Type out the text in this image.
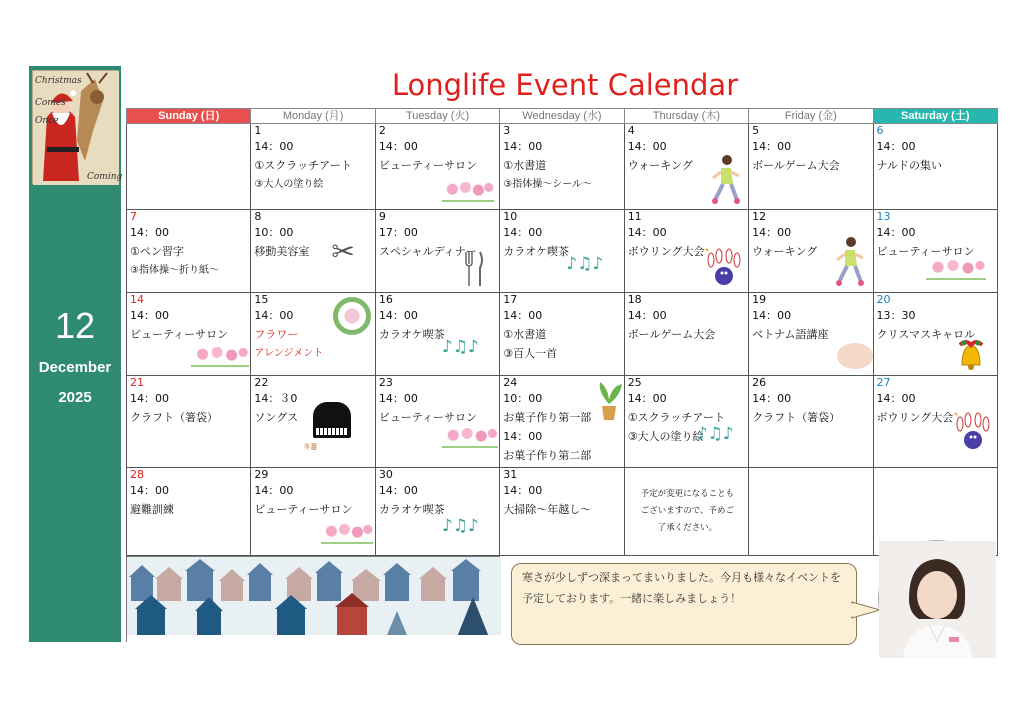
Christmas
Comes
Once
Coming
12
December
2025
Longlife Event Calendar
Sunday (日)	Monday (月)	Tuesday (火)	Wednesday (水)	Thursday (木)	Friday (金)	Saturday (土)

	1
14：00
①スクラッチアート
③大人の塗り絵	2
14：00
ビューティーサロン	3
14：00
①水書道
③指体操～シール～	4
14：00
ウォーキング	5
14：00
ボールゲーム大会	6
14：00
ナルドの集い

7
14：00
①ペン習字
③指体操～折り紙～	8
10：00
移動美容室
✂	9
17：00
スペシャルディナー	10
14：00
カラオケ喫茶
♪♫♪	11
14：00
ボウリング大会	12
14：00
ウォーキング	13
14：00
ビューティーサロン

14
14：00
ビューティーサロン	15
14：00
フラワー
アレンジメント	16
14：00
カラオケ喫茶
♪♫♪	17
14：00
①水書道
③百人一首	18
14：00
ボールゲーム大会	19
14：00
ベトナム語講座	20
13：30
クリスマスキャロル

21
14：00
クラフト（箸袋）	22
14：３0
ソングス
冬薑	23
14：00
ビューティーサロン	24
10：00
お菓子作り第一部
14：00
お菓子作り第二部	25
14：00
①スクラッチアート
③大人の塗り絵
♪♫♪	26
14：00
クラフト（箸袋）	27
14：00
ボウリング大会

28
14：00
避難訓練	29
14：00
ビューティーサロン	30
14：00
カラオケ喫茶
♪♫♪	31
14：00
大掃除～年越し～	予定が変更になることも
ございますので、予めご
了承ください。		

寒さが少しずつ深まってまいりました。今月も様々なイベントを予定しております。一緒に楽しみましょう！
